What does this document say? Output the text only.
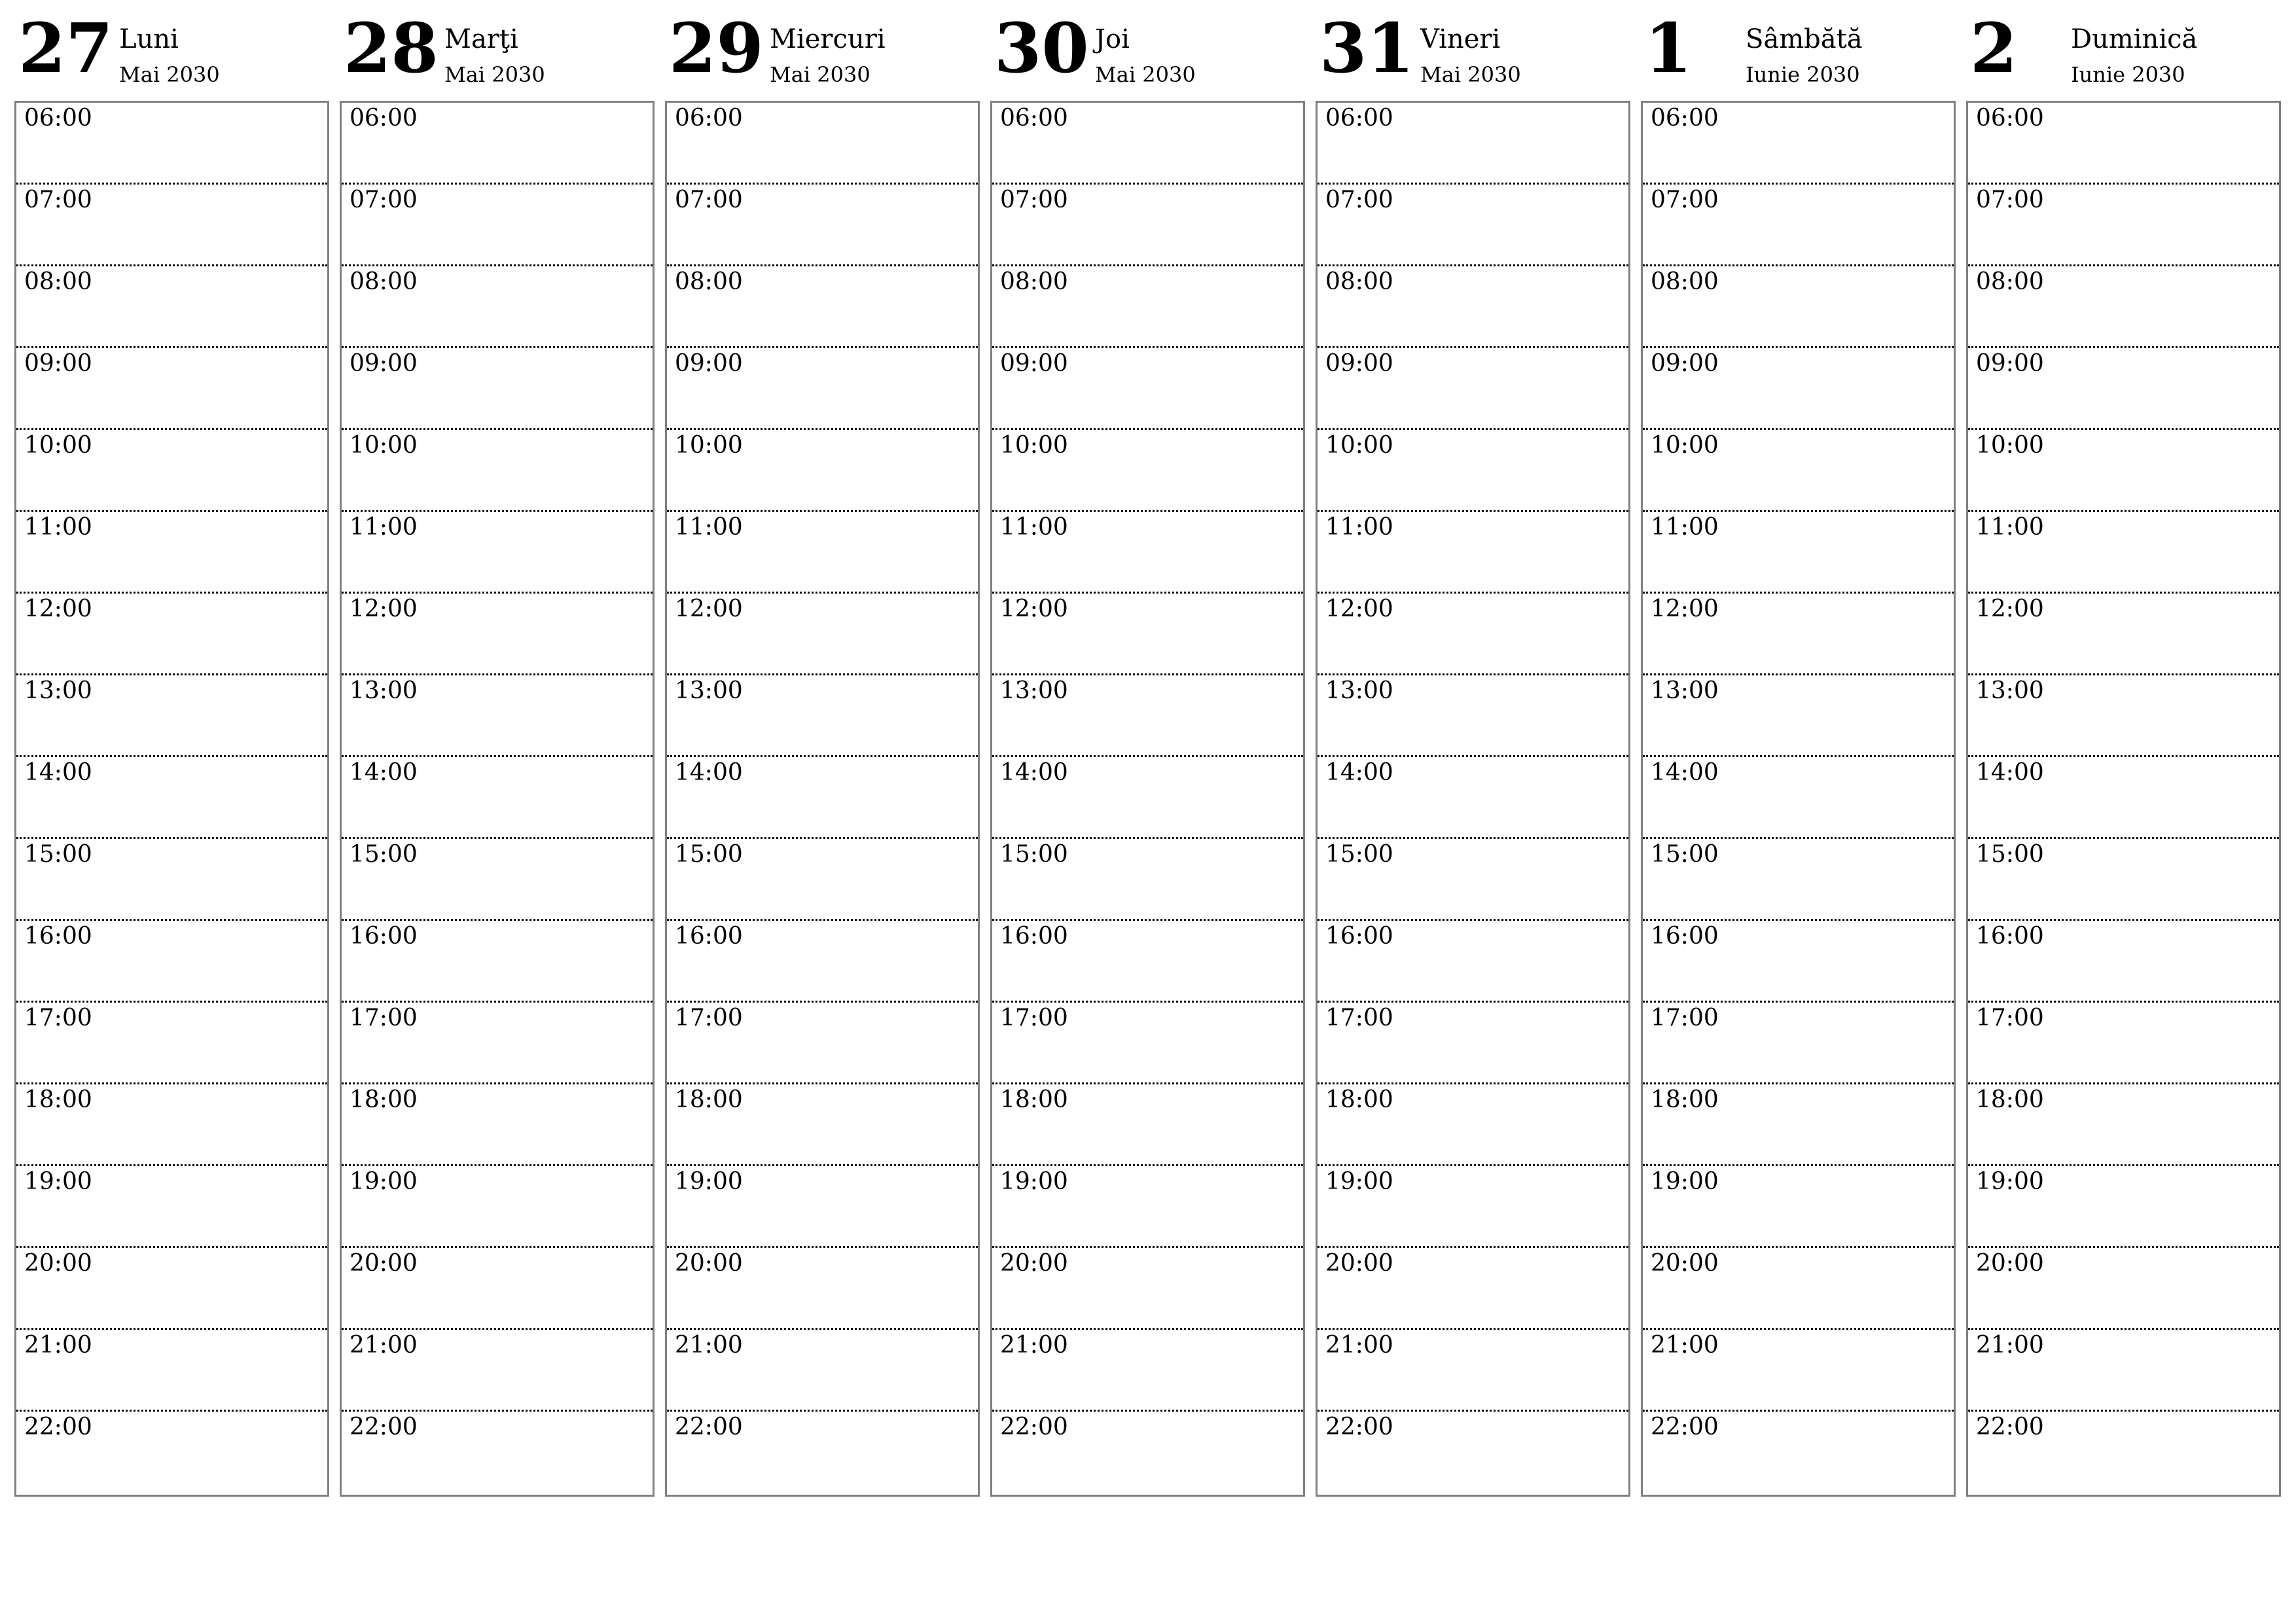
27 Luni
Mai 2030
06:00
07:00
08:00
09:00
10:00
11:00
12:00
13:00
14:00
15:00
16:00
17:00
18:00
19:00
20:00
21:00
22:00
28 Marţi
Mai 2030
06:00
07:00
08:00
09:00
10:00
11:00
12:00
13:00
14:00
15:00
16:00
17:00
18:00
19:00
20:00
21:00
22:00
29 Miercuri
Mai 2030
06:00
07:00
08:00
09:00
10:00
11:00
12:00
13:00
14:00
15:00
16:00
17:00
18:00
19:00
20:00
21:00
22:00
30 Joi
Mai 2030
06:00
07:00
08:00
09:00
10:00
11:00
12:00
13:00
14:00
15:00
16:00
17:00
18:00
19:00
20:00
21:00
22:00
31 Vineri
Mai 2030
06:00
07:00
08:00
09:00
10:00
11:00
12:00
13:00
14:00
15:00
16:00
17:00
18:00
19:00
20:00
21:00
22:00
1 Sâmbătă
Iunie 2030
06:00
07:00
08:00
09:00
10:00
11:00
12:00
13:00
14:00
15:00
16:00
17:00
18:00
19:00
20:00
21:00
22:00
2 Duminică
Iunie 2030
06:00
07:00
08:00
09:00
10:00
11:00
12:00
13:00
14:00
15:00
16:00
17:00
18:00
19:00
20:00
21:00
22:00
